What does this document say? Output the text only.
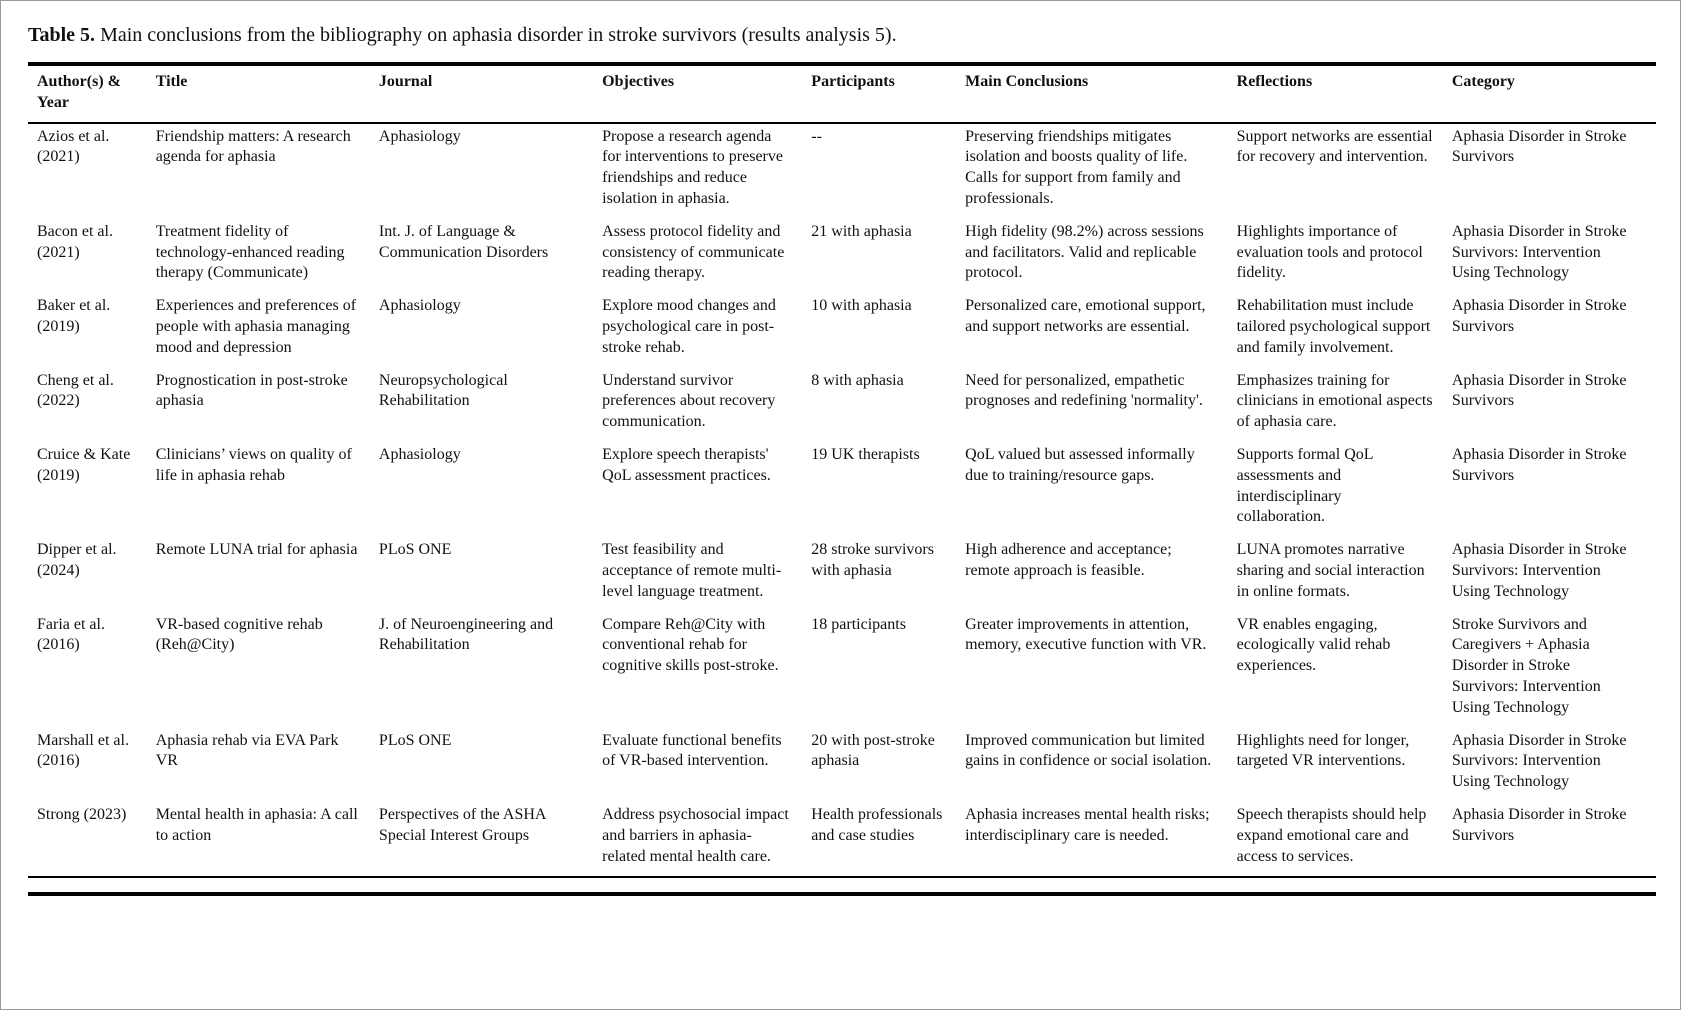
Table 5. Main conclusions from the bibliography on aphasia disorder in stroke survivors (results analysis 5).
Author(s) & Year	Title	Journal	Objectives	Participants	Main Conclusions	Reflections	Category
Azios et al. (2021)	Friendship matters: A research agenda for aphasia	Aphasiology	Propose a research agenda for interventions to preserve friendships and reduce isolation in aphasia.	--	Preserving friendships mitigates isolation and boosts quality of life. Calls for support from family and professionals.	Support networks are essential for recovery and intervention.	Aphasia Disorder in Stroke Survivors
Bacon et al. (2021)	Treatment fidelity of technology-enhanced reading therapy (Communicate)	Int. J. of Language & Communication Disorders	Assess protocol fidelity and consistency of communicate reading therapy.	21 with aphasia	High fidelity (98.2%) across sessions and facilitators. Valid and replicable protocol.	Highlights importance of evaluation tools and protocol fidelity.	Aphasia Disorder in Stroke Survivors: Intervention Using Technology
Baker et al. (2019)	Experiences and preferences of people with aphasia managing mood and depression	Aphasiology	Explore mood changes and psychological care in post-stroke rehab.	10 with aphasia	Personalized care, emotional support, and support networks are essential.	Rehabilitation must include tailored psychological support and family involvement.	Aphasia Disorder in Stroke Survivors
Cheng et al. (2022)	Prognostication in post-stroke aphasia	Neuropsychological Rehabilitation	Understand survivor preferences about recovery communication.	8 with aphasia	Need for personalized, empathetic prognoses and redefining 'normality'.	Emphasizes training for clinicians in emotional aspects of aphasia care.	Aphasia Disorder in Stroke Survivors
Cruice & Kate (2019)	Clinicians’ views on quality of life in aphasia rehab	Aphasiology	Explore speech therapists' QoL assessment practices.	19 UK therapists	QoL valued but assessed informally due to training/resource gaps.	Supports formal QoL assessments and interdisciplinary collaboration.	Aphasia Disorder in Stroke Survivors
Dipper et al. (2024)	Remote LUNA trial for aphasia	PLoS ONE	Test feasibility and acceptance of remote multi-level language treatment.	28 stroke survivors with aphasia	High adherence and acceptance; remote approach is feasible.	LUNA promotes narrative sharing and social interaction in online formats.	Aphasia Disorder in Stroke Survivors: Intervention Using Technology
Faria et al. (2016)	VR-based cognitive rehab (Reh@City)	J. of Neuroengineering and Rehabilitation	Compare Reh@City with conventional rehab for cognitive skills post-stroke.	18 participants	Greater improvements in attention, memory, executive function with VR.	VR enables engaging, ecologically valid rehab experiences.	Stroke Survivors and Caregivers + Aphasia Disorder in Stroke Survivors: Intervention Using Technology
Marshall et al. (2016)	Aphasia rehab via EVA Park VR	PLoS ONE	Evaluate functional benefits of VR-based intervention.	20 with post-stroke aphasia	Improved communication but limited gains in confidence or social isolation.	Highlights need for longer, targeted VR interventions.	Aphasia Disorder in Stroke Survivors: Intervention Using Technology
Strong (2023)	Mental health in aphasia: A call to action	Perspectives of the ASHA Special Interest Groups	Address psychosocial impact and barriers in aphasia-related mental health care.	Health professionals and case studies	Aphasia increases mental health risks; interdisciplinary care is needed.	Speech therapists should help expand emotional care and access to services.	Aphasia Disorder in Stroke Survivors
